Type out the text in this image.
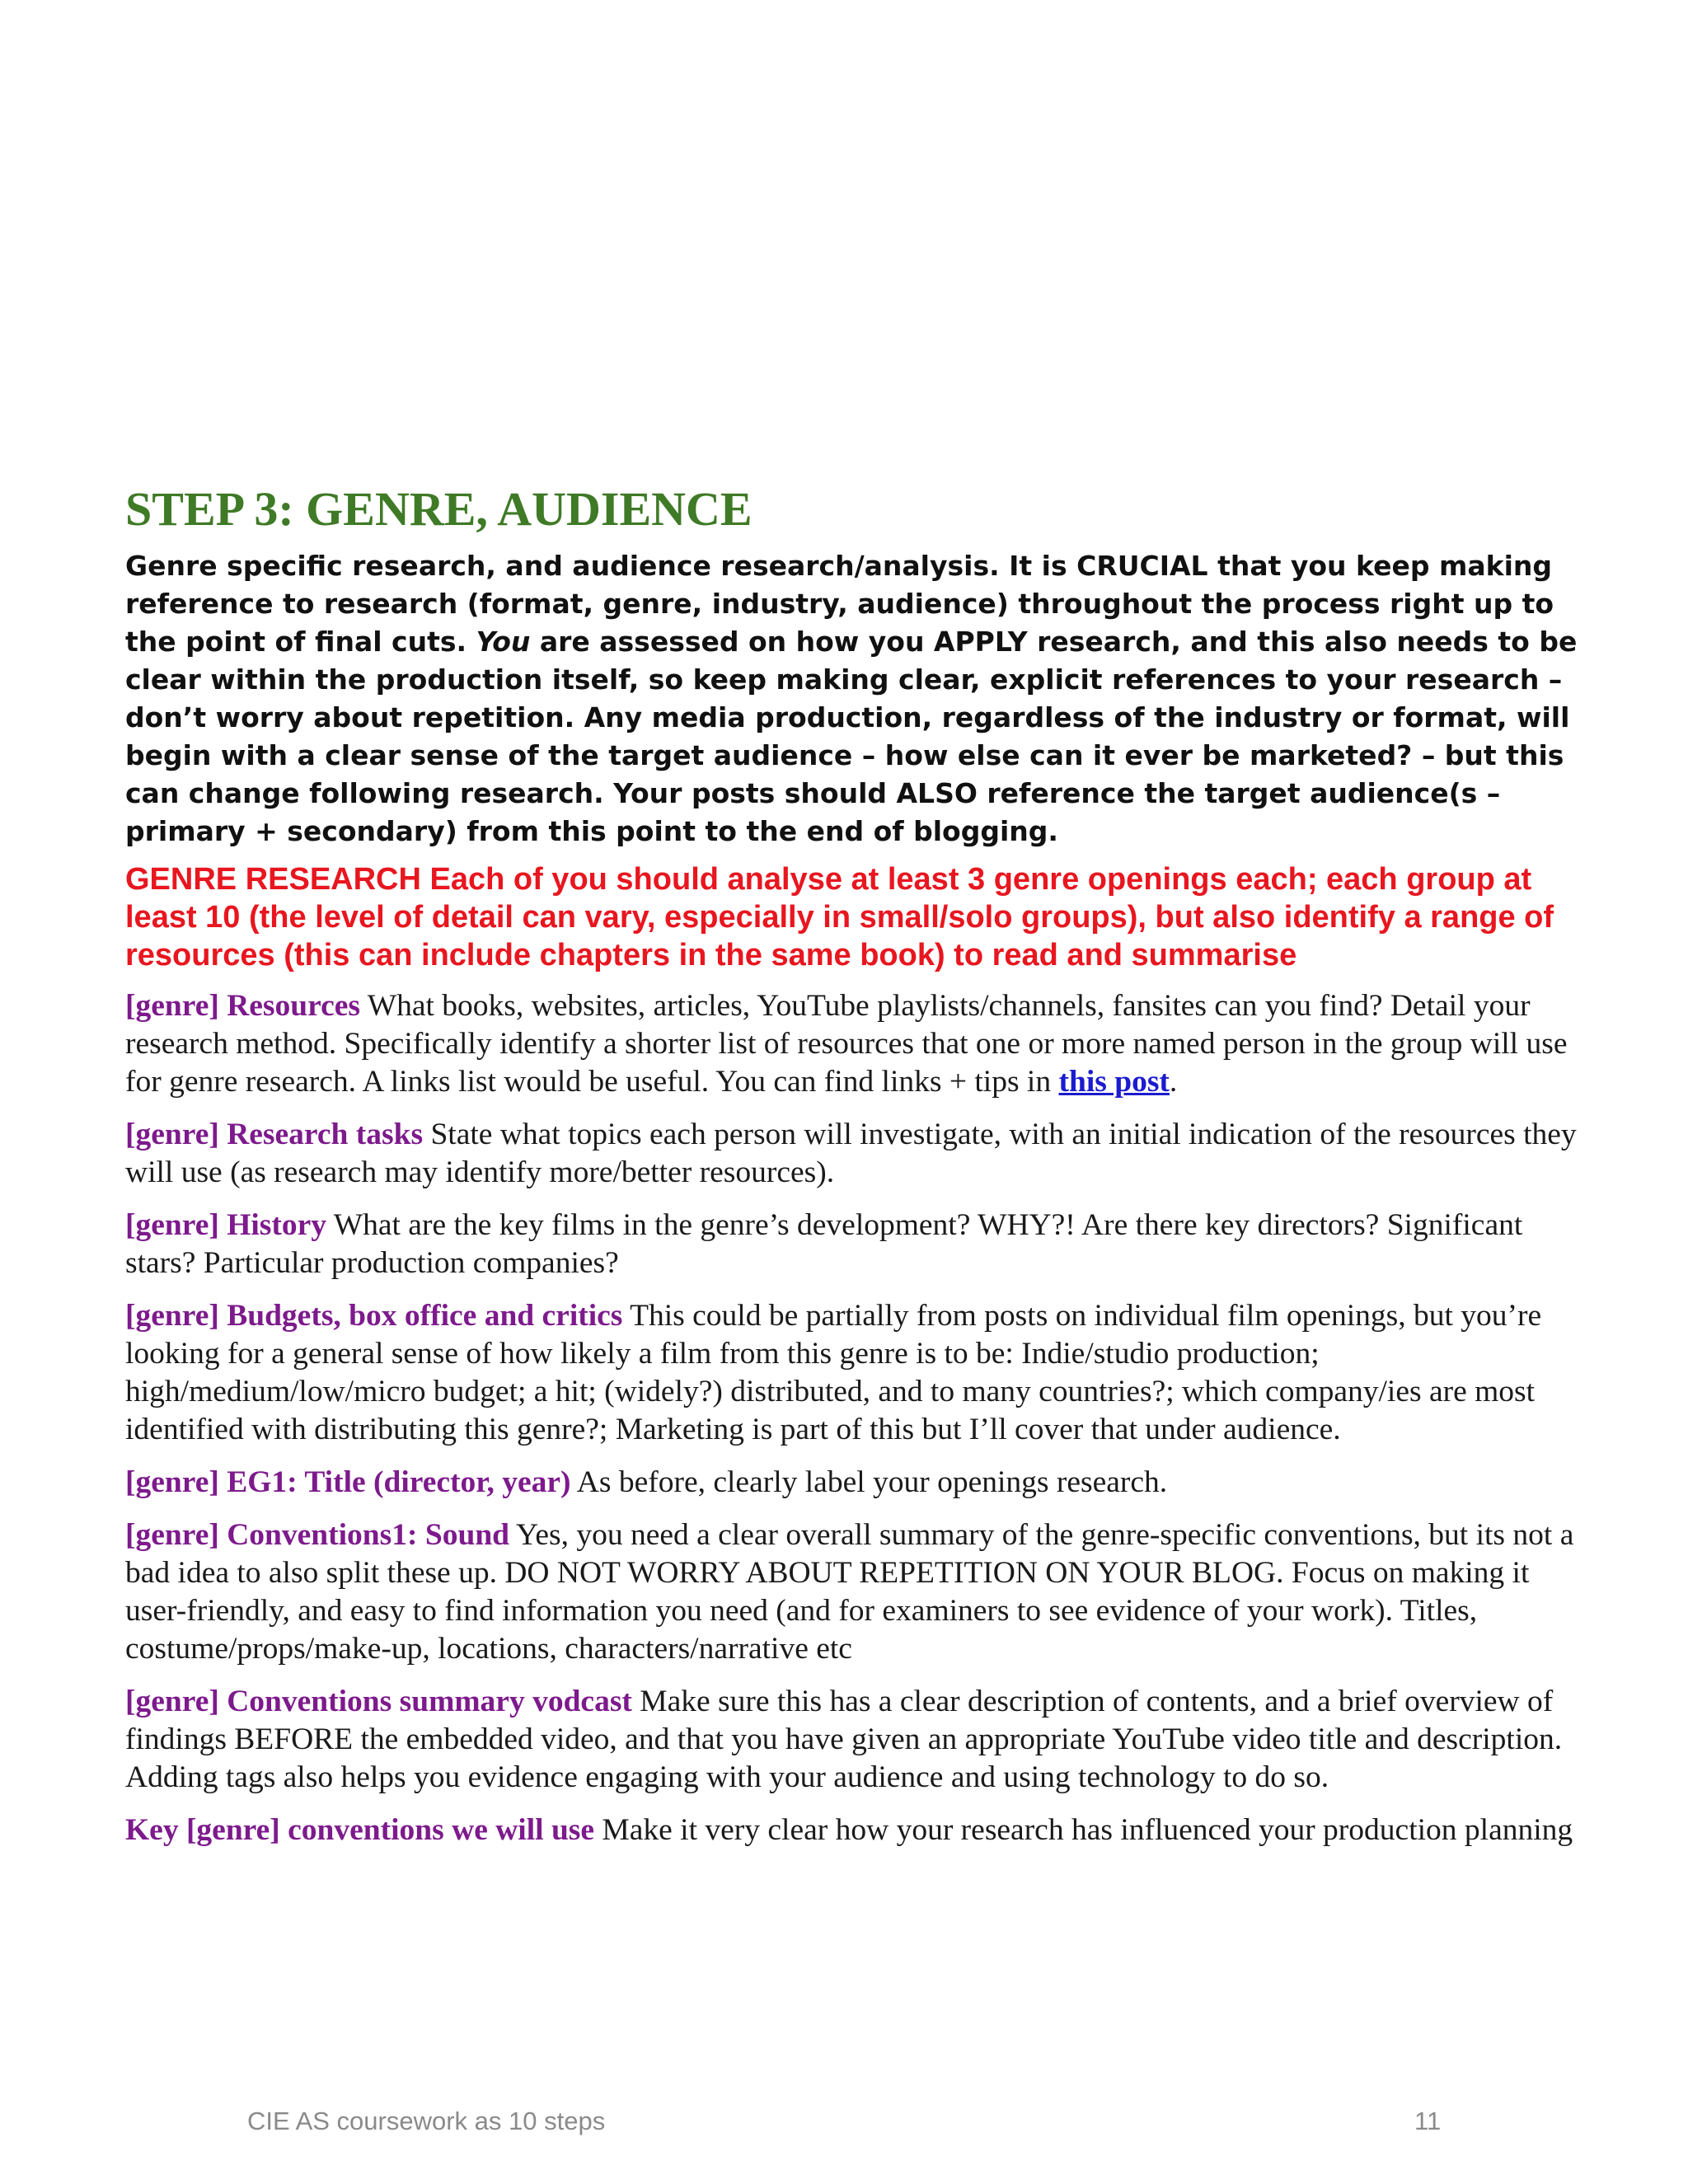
STEP 3: GENRE, AUDIENCE

Genre specific research, and audience research/analysis. It is CRUCIAL that you keep making reference to research (format, genre, industry, audience) throughout the process right up to the point of final cuts. You are assessed on how you APPLY research, and this also needs to be clear within the production itself, so keep making clear, explicit references to your research – don’t worry about repetition. Any media production, regardless of the industry or format, will begin with a clear sense of the target audience – how else can it ever be marketed? – but this can change following research. Your posts should ALSO reference the target audience(s – primary + secondary) from this point to the end of blogging.

GENRE RESEARCH Each of you should analyse at least 3 genre openings each; each group at least 10 (the level of detail can vary, especially in small/solo groups), but also identify a range of resources (this can include chapters in the same book) to read and summarise

[genre] Resources What books, websites, articles, YouTube playlists/channels, fansites can you find? Detail your research method. Specifically identify a shorter list of resources that one or more named person in the group will use for genre research. A links list would be useful. You can find links + tips in this post.

[genre] Research tasks State what topics each person will investigate, with an initial indication of the resources they will use (as research may identify more/better resources).

[genre] History What are the key films in the genre’s development? WHY?! Are there key directors? Significant stars? Particular production companies?

[genre] Budgets, box office and critics This could be partially from posts on individual film openings, but you’re looking for a general sense of how likely a film from this genre is to be: Indie/studio production; high/medium/low/micro budget; a hit; (widely?) distributed, and to many countries?; which company/ies are most identified with distributing this genre?; Marketing is part of this but I’ll cover that under audience.

[genre] EG1: Title (director, year) As before, clearly label your openings research.

[genre] Conventions1: Sound Yes, you need a clear overall summary of the genre-specific conventions, but its not a bad idea to also split these up. DO NOT WORRY ABOUT REPETITION ON YOUR BLOG. Focus on making it user-friendly, and easy to find information you need (and for examiners to see evidence of your work). Titles, costume/props/make-up, locations, characters/narrative etc

[genre] Conventions summary vodcast Make sure this has a clear description of contents, and a brief overview of findings BEFORE the embedded video, and that you have given an appropriate YouTube video title and description. Adding tags also helps you evidence engaging with your audience and using technology to do so.

Key [genre] conventions we will use Make it very clear how your research has influenced your production planning

CIE AS coursework as 10 steps	11
